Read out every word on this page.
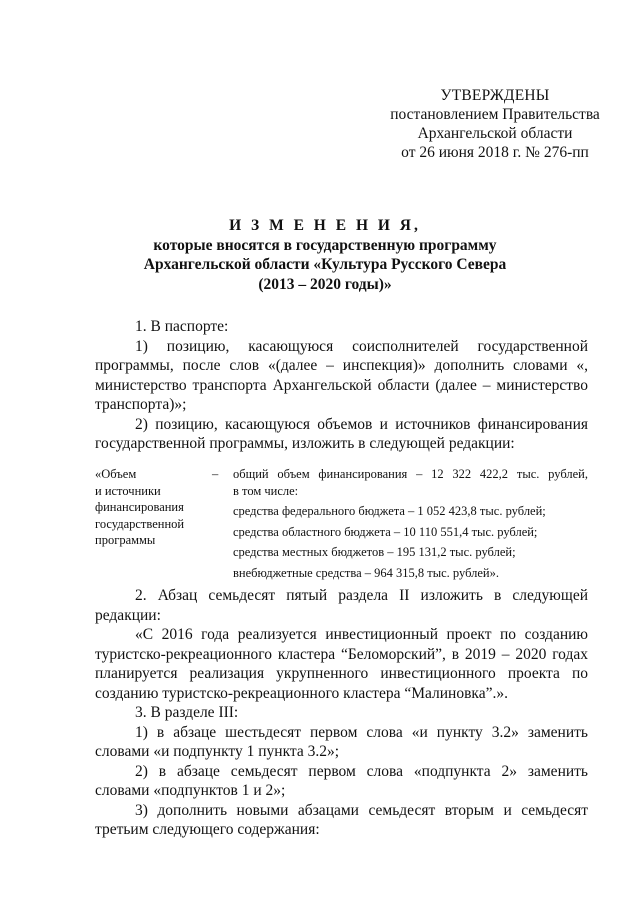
УТВЕРЖДЕНЫ
постановлением Правительства
Архангельской области
от 26 июня 2018 г. № 276-пп
И З М Е Н Е Н И Я,
которые вносятся в государственную программу
Архангельской области «Культура Русского Севера
(2013 – 2020 годы)»

1. В паспорте:

1) позицию, касающуюся соисполнителей государственной программы, после слов «(далее – инспекция)» дополнить словами «, министерство транспорта Архангельской области (далее – министерство транспорта)»;

2) позицию, касающуюся объемов и источников финансирования государственной программы, изложить в следующей редакции:

«Объем
и источники
финансирования
государственной
программы
– общий объем финансирования – 12 322 422,2 тыс. рублей,
в том числе:
средства федерального бюджета – 1 052 423,8 тыс. рублей;
средства областного бюджета – 10 110 551,4 тыс. рублей;
средства местных бюджетов – 195 131,2 тыс. рублей;
внебюджетные средства – 964 315,8 тыс. рублей».

2. Абзац семьдесят пятый раздела II изложить в следующей редакции:

«С 2016 года реализуется инвестиционный проект по созданию туристско-рекреационного кластера “Беломорский”, в 2019 – 2020 годах планируется реализация укрупненного инвестиционного проекта по созданию туристско-рекреационного кластера “Малиновка”.».

3. В разделе III:

1) в абзаце шестьдесят первом слова «и пункту 3.2» заменить словами «и подпункту 1 пункта 3.2»;

2) в абзаце семьдесят первом слова «подпункта 2» заменить словами «подпунктов 1 и 2»;

3) дополнить новыми абзацами семьдесят вторым и семьдесят третьим следующего содержания:
